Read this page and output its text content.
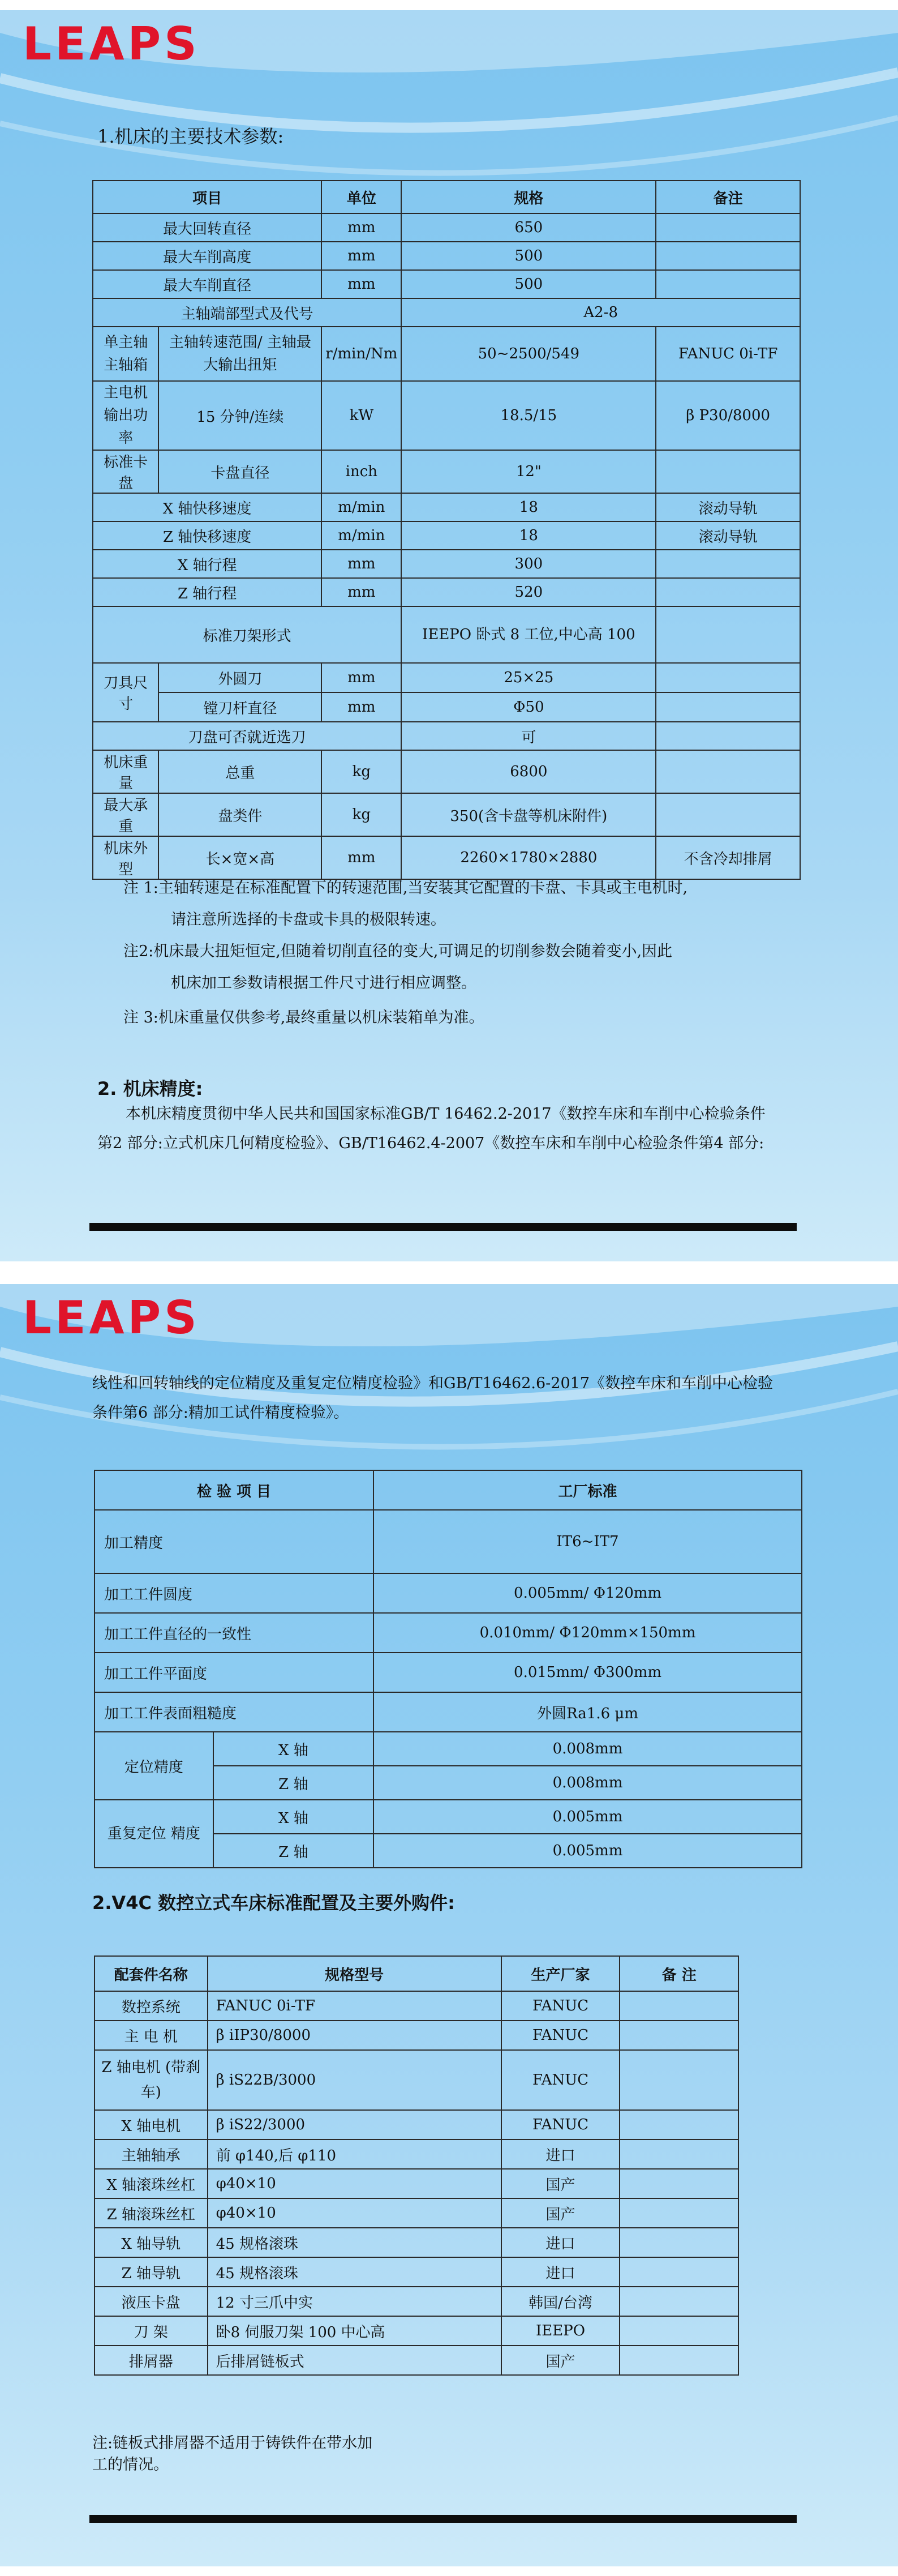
LEAPS
1.机床的主要技术参数:
项目		单位	规格	备注
最大回转直径		mm	650	
最大车削高度		mm	500	
最大车削直径		mm	500	
主轴端部型式及代号			A2-8	
单主轴 主轴箱	主轴转速范围/ 主轴最大输出扭矩	r/min/Nm	50~2500/549	FANUC 0i-TF
主电机 输出功率	15 分钟/连续	kW	18.5/15	β P30/8000
标准卡盘	卡盘直径	inch	12"	
X 轴快移速度		m/min	18	滚动导轨
Z 轴快移速度		m/min	18	滚动导轨
X 轴行程		mm	300	
Z 轴行程		mm	520	
标准刀架形式			IEEPO 卧式 8 工位,中心高 100	
刀具尺寸	外圆刀	mm	25×25	
	镗刀杆直径	mm	Φ50	
刀盘可否就近选刀			可	
机床重量	总重	kg	6800	
最大承重	盘类件	kg	350(含卡盘等机床附件)	
机床外型	长×宽×高	mm	2260×1780×2880	不含冷却排屑
注 1:主轴转速是在标准配置下的转速范围,当安装其它配置的卡盘、卡具或主电机时,
请注意所选择的卡盘或卡具的极限转速。
注2:机床最大扭矩恒定,但随着切削直径的变大,可调足的切削参数会随着变小,因此
机床加工参数请根据工件尺寸进行相应调整。
注 3:机床重量仅供参考,最终重量以机床装箱单为准。
2. 机床精度:
本机床精度贯彻中华人民共和国国家标准GB/T 16462.2-2017《数控车床和车削中心检验条件
第2 部分:立式机床几何精度检验》、GB/T16462.4-2007《数控车床和车削中心检验条件第4 部分:
LEAPS
线性和回转轴线的定位精度及重复定位精度检验》和GB/T16462.6-2017《数控车床和车削中心检验
条件第6 部分:精加工试件精度检验》。
检 验 项 目		工厂标准
加工精度		IT6~IT7
加工工件圆度		0.005mm/ Φ120mm
加工工件直径的一致性		0.010mm/ Φ120mm×150mm
加工工件平面度		0.015mm/ Φ300mm
加工工件表面粗糙度		外圆Ra1.6 μm
定位精度	X 轴	0.008mm
	Z 轴	0.008mm
重复定位 精度	X 轴	0.005mm
	Z 轴	0.005mm
2.V4C 数控立式车床标准配置及主要外购件:
配套件名称	规格型号	生产厂家	备 注
数控系统	FANUC 0i-TF	FANUC	
主 电 机	β iIP30/8000	FANUC	
Z 轴电机 (带刹车)	β iS22B/3000	FANUC	
X 轴电机	β iS22/3000	FANUC	
主轴轴承	前 φ140,后 φ110	进口	
X 轴滚珠丝杠	φ40×10	国产	
Z 轴滚珠丝杠	φ40×10	国产	
X 轴导轨	45 规格滚珠	进口	
Z 轴导轨	45 规格滚珠	进口	
液压卡盘	12 寸三爪中实	韩国/台湾	
刀 架	卧8 伺服刀架 100 中心高	IEEPO	
排屑器	后排屑链板式	国产	
注:链板式排屑器不适用于铸铁件在带水加
工的情况。
